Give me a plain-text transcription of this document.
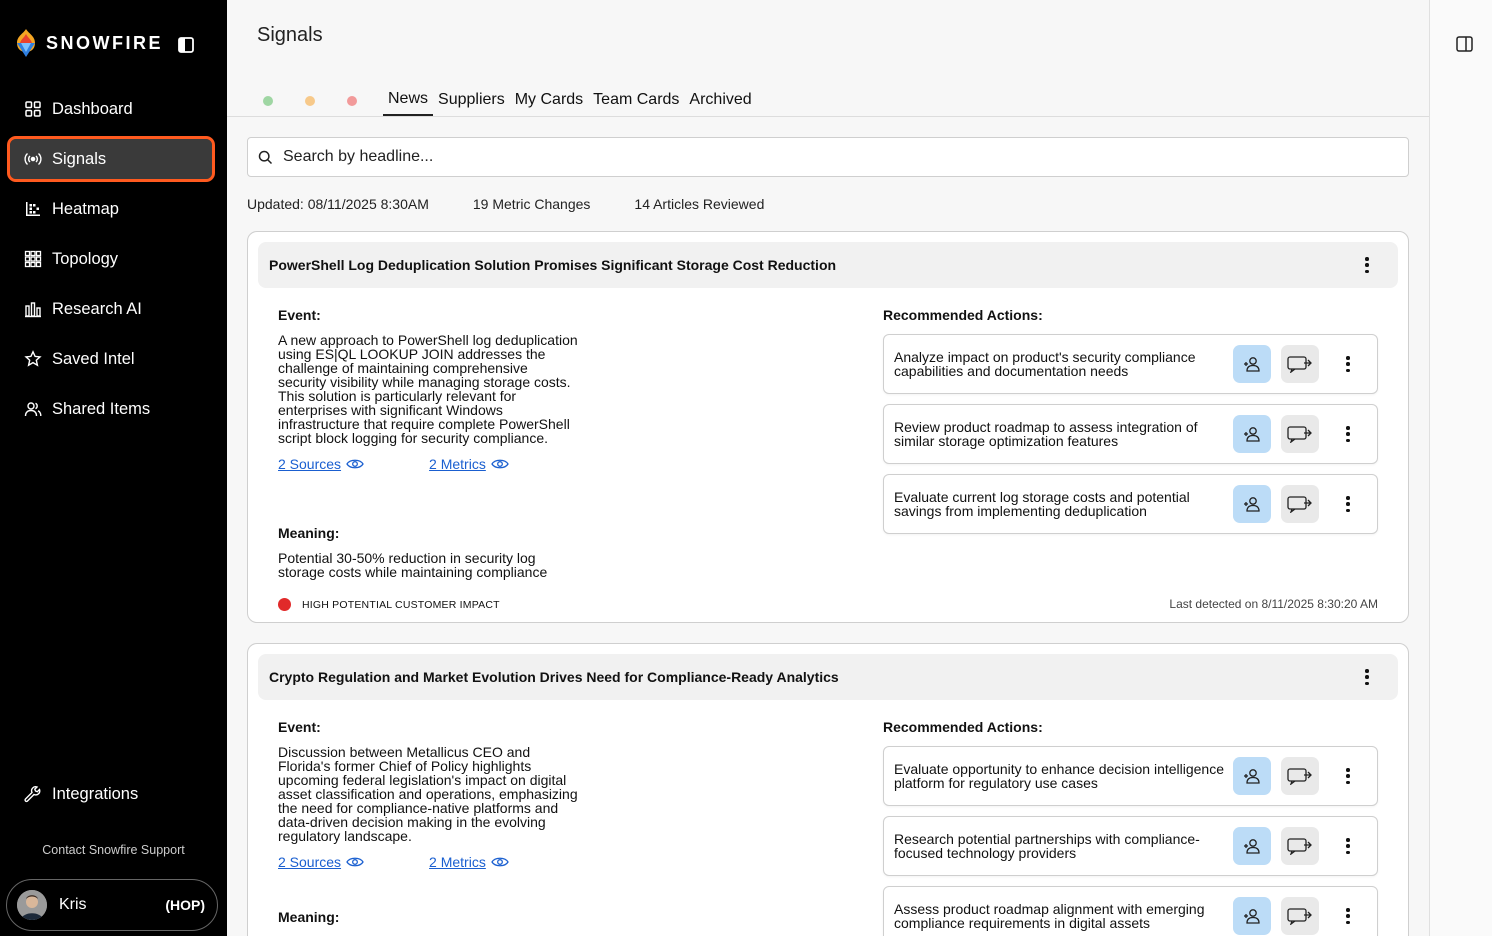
SNOWFIRE
Dashboard
Signals
Heatmap
Topology
Research AI
Saved Intel
Shared Items
Integrations
Contact Snowfire Support
Kris	(HOP)
Signals
News Suppliers My Cards Team Cards Archived
Search by headline...
Updated: 08/11/2025 8:30AM	19 Metric Changes	14 Articles Reviewed
PowerShell Log Deduplication Solution Promises Significant Storage Cost Reduction
Event:
A new approach to PowerShell log deduplication using ES|QL LOOKUP JOIN addresses the challenge of maintaining comprehensive security visibility while managing storage costs. This solution is particularly relevant for enterprises with significant Windows infrastructure that require complete PowerShell script block logging for security compliance.
2 Sources	2 Metrics
Meaning:
Potential 30-50% reduction in security log storage costs while maintaining compliance
HIGH POTENTIAL CUSTOMER IMPACT	Last detected on 8/11/2025 8:30:20 AM
Recommended Actions:
Analyze impact on product's security compliance capabilities and documentation needs
Review product roadmap to assess integration of similar storage optimization features
Evaluate current log storage costs and potential savings from implementing deduplication
Crypto Regulation and Market Evolution Drives Need for Compliance-Ready Analytics
Event:
Discussion between Metallicus CEO and Florida's former Chief of Policy highlights upcoming federal legislation's impact on digital asset classification and operations, emphasizing the need for compliance-native platforms and data-driven decision making in the evolving regulatory landscape.
2 Sources	2 Metrics
Meaning:
Recommended Actions:
Evaluate opportunity to enhance decision intelligence platform for regulatory use cases
Research potential partnerships with compliance-focused technology providers
Assess product roadmap alignment with emerging compliance requirements in digital assets
